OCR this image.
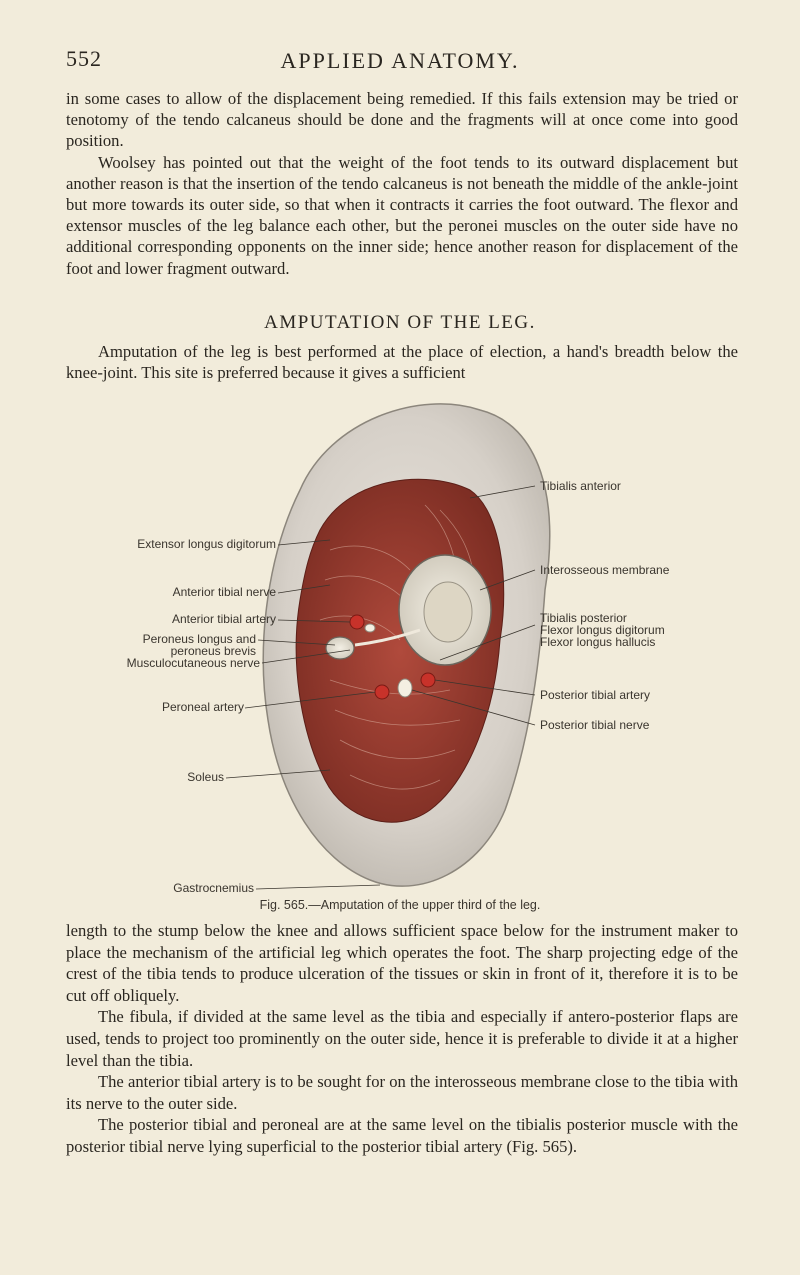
552	APPLIED ANATOMY.

in some cases to allow of the displacement being remedied. If this fails extension may be tried or tenotomy of the tendo calcaneus should be done and the fragments will at once come into good position.

Woolsey has pointed out that the weight of the foot tends to its outward displacement but another reason is that the insertion of the tendo calcaneus is not beneath the middle of the ankle-joint but more towards its outer side, so that when it contracts it carries the foot outward. The flexor and extensor muscles of the leg balance each other, but the peronei muscles on the outer side have no additional corresponding opponents on the inner side; hence another reason for displacement of the foot and lower fragment outward.

AMPUTATION OF THE LEG.

Amputation of the leg is best performed at the place of election, a hand's breadth below the knee-joint. This site is preferred because it gives a sufficient

Extensor longus digitorum
Anterior tibial nerve
Anterior tibial artery
Peroneus longus and
peroneus brevis
Musculocutaneous nerve
Peroneal artery
Soleus
Gastrocnemius
Tibialis anterior
Interosseous membrane
Tibialis posterior
Flexor longus digitorum
Flexor longus hallucis
Posterior tibial artery
Posterior tibial nerve
Fig. 565.—Amputation of the upper third of the leg.

length to the stump below the knee and allows sufficient space below for the instrument maker to place the mechanism of the artificial leg which operates the foot. The sharp projecting edge of the crest of the tibia tends to produce ulceration of the tissues or skin in front of it, therefore it is to be cut off obliquely.

The fibula, if divided at the same level as the tibia and especially if antero-posterior flaps are used, tends to project too prominently on the outer side, hence it is preferable to divide it at a higher level than the tibia.

The anterior tibial artery is to be sought for on the interosseous membrane close to the tibia with its nerve to the outer side.

The posterior tibial and peroneal are at the same level on the tibialis posterior muscle with the posterior tibial nerve lying superficial to the posterior tibial artery (Fig. 565).
